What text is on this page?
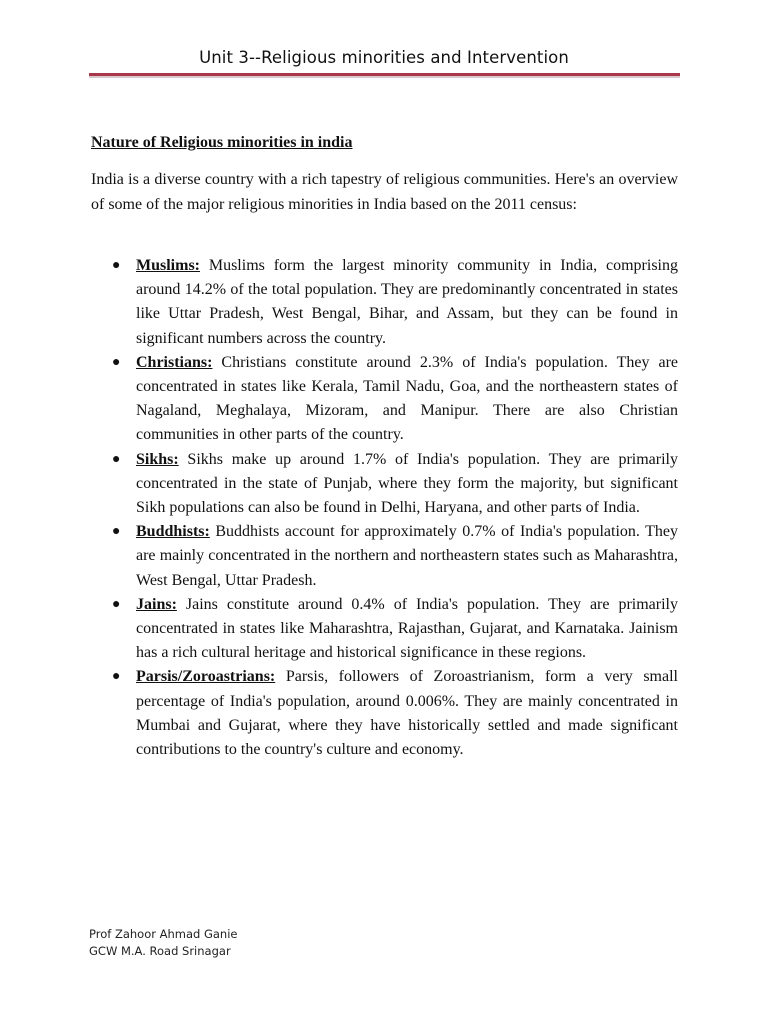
Unit 3--Religious minorities and Intervention
Nature of Religious minorities in india
India is a diverse country with a rich tapestry of religious communities. Here's an overview of some of the major religious minorities in India based on the 2011 census:
● Muslims: Muslims form the largest minority community in India, comprising around 14.2% of the total population. They are predominantly concentrated in states like Uttar Pradesh, West Bengal, Bihar, and Assam, but they can be found in significant numbers across the country.
● Christians: Christians constitute around 2.3% of India's population. They are concentrated in states like Kerala, Tamil Nadu, Goa, and the northeastern states of Nagaland, Meghalaya, Mizoram, and Manipur. There are also Christian communities in other parts of the country.
● Sikhs: Sikhs make up around 1.7% of India's population. They are primarily concentrated in the state of Punjab, where they form the majority, but significant Sikh populations can also be found in Delhi, Haryana, and other parts of India.
● Buddhists: Buddhists account for approximately 0.7% of India's population. They are mainly concentrated in the northern and northeastern states such as Maharashtra, West Bengal, Uttar Pradesh.
● Jains: Jains constitute around 0.4% of India's population. They are primarily concentrated in states like Maharashtra, Rajasthan, Gujarat, and Karnataka. Jainism has a rich cultural heritage and historical significance in these regions.
● Parsis/Zoroastrians: Parsis, followers of Zoroastrianism, form a very small percentage of India's population, around 0.006%. They are mainly concentrated in Mumbai and Gujarat, where they have historically settled and made significant contributions to the country's culture and economy.
Prof Zahoor Ahmad Ganie
GCW M.A. Road Srinagar
